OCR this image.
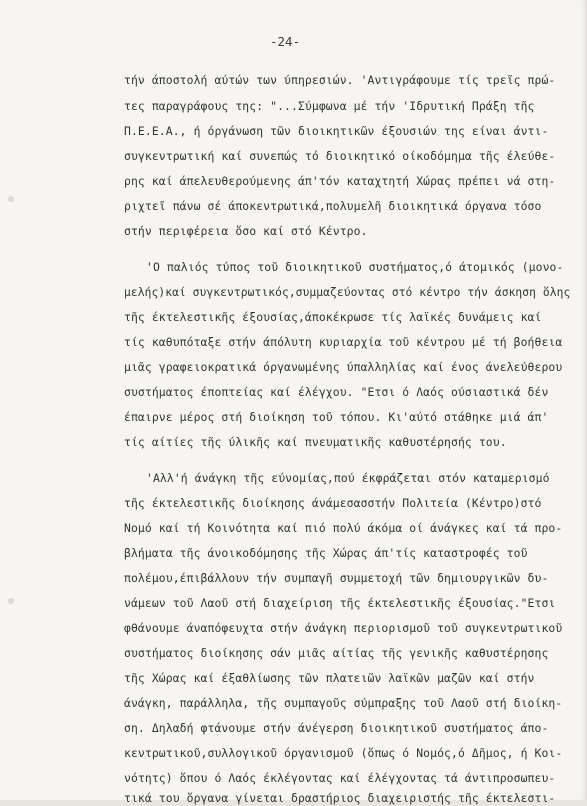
-24-
τήν άποστολή αύτών των ύπηρεσιών. 'Αντιγράφουμε τίς τρεῖς πρώ-
τες παραγράφους της: "...Σύμφωνα μέ τήν 'Ιδρυτική Πράξη τῆς
Π.Ε.Ε.Α., ή όργάνωση τῶν διοικητικῶν έξουσιών της είναι άντι-
συγκεντρωτική καί συνεπώς τό διοικητικό οίκοδόμημα τῆς έλεύθε-
ρης καί άπελευθερούμενης άπ'τόν καταχτητή Χώρας πρέπει νά στη-
ριχτεῖ πάνω σέ άποκεντρωτικά,πολυμελῆ διοικητικά όργανα τόσο
στήν περιφέρεια ὅσο καί στό Κέντρο.
'Ο παλιός τύπος τοῦ διοικητικοῦ συστήματος,ό άτομικός (μονο-
μελής)καί συγκεντρωτικός,συμμαζεύοντας στό κέντρο τήν άσκηση ὅλης
τῆς έκτελεστικῆς έξουσίας,άποκέκρωσε τίς λαϊκές δυνάμεις καί
τίς καθυπόταξε στήν άπόλυτη κυριαρχία τοῦ κέντρου μέ τή βοήθεια
μιᾶς γραφειοκρατικά όργανωμένης ύπαλληλίας καί ένος άνελεύθερου
συστήματος έποπτείας καί έλέγχου. "Ετσι ό Λαός ούσιαστικά δέν
έπαιρνε μέρος στή διοίκηση τοῦ τόπου. Κι'αύτό στάθηκε μιά άπ'
τίς αίτίες τῆς ύλικῆς καί πνευματικῆς καθυστέρησής του.
'Αλλ'ή άνάγκη τῆς εύνομίας,πού έκφράζεται στόν καταμερισμό
τῆς έκτελεστικῆς διοίκησης άνάμεσασστήν Πολιτεία (Κέντρο)στό
Νομό καί τή Κοινότητα καί πιό πολύ άκόμα οί άνάγκες καί τά προ-
βλήματα τῆς άνοικοδόμησης τῆς Χώρας άπ'τίς καταστροφές τοῦ
πολέμου,έπιβάλλουν τήν συμπαγῆ συμμετοχή τῶν δημιουργικῶν δυ-
νάμεων τοῦ Λαοῦ στή διαχείριση τῆς έκτελεστικῆς έξουσίας."Ετσι
φθάνουμε άναπόφευχτα στήν άνάγκη περιορισμοῦ τοῦ συγκεντρωτικοῦ
συστήματος διοίκησης σάν μιᾶς αίτίας τῆς γενικῆς καθυστέρησης
τῆς Χώρας καί έξαθλίωσης τῶν πλατειῶν λαϊκῶν μαζῶν καί στήν
άνάγκη, παράλληλα, τῆς συμπαγοῦς σύμπραξης τοῦ Λαοῦ στή διοίκη-
ση. Δηλαδή φτάνουμε στήν άνέγερση διοικητικοῦ συστήματος άπο-
κεντρωτικοῦ,συλλογικοῦ όργανισμοῦ (ὅπως ό Νομός,ό Δῆμος, ή Κοι-
νότητς) ὅπου ό Λαός έκλέγοντας καί έλέγχοντας τά άντιπροσωπευ-
τικά του ὅργανα γίνεται δραστήριος διαχειριστής τῆς έκτελεστι-
